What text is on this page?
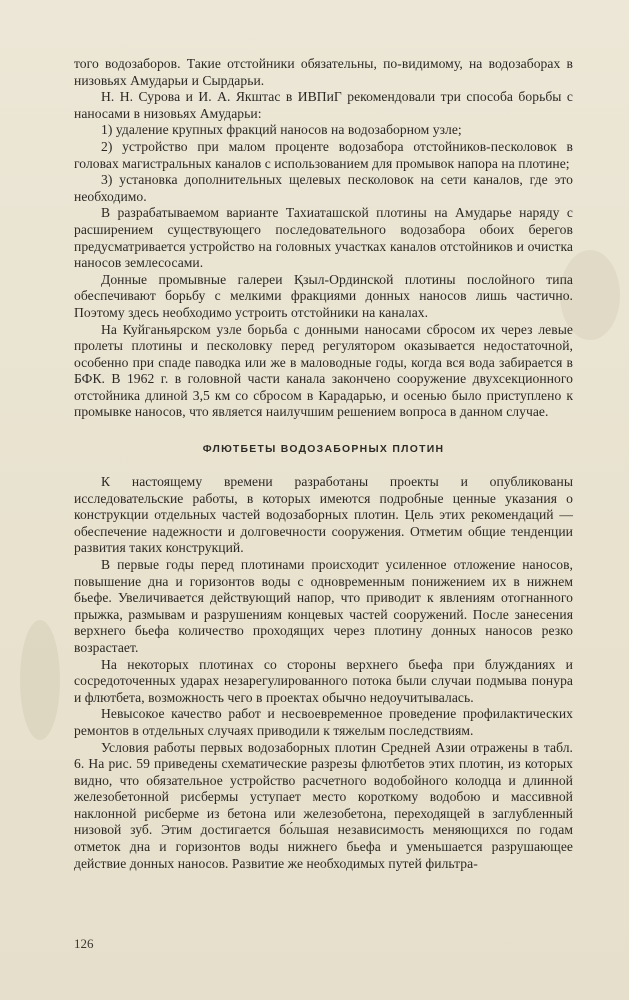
того водозаборов. Такие отстойники обязательны, по-видимому, на водозаборах в низовьях Амударьи и Сырдарьи.

Н. Н. Сурова и И. А. Якштас в ИВПиГ рекомендовали три способа борьбы с наносами в низовьях Амударьи:

1) удаление крупных фракций наносов на водозаборном узле;

2) устройство при малом проценте водозабора отстойников-песколовок в головах магистральных каналов с использованием для промывок напора на плотине;

3) установка дополнительных щелевых песколовок на сети каналов, где это необходимо.

В разрабатываемом варианте Тахиаташской плотины на Амударье наряду с расширением существующего последовательного водозабора обоих берегов предусматривается устройство на головных участках каналов отстойников и очистка наносов землесосами.

Донные промывные галереи Қзыл-Ординской плотины послойного типа обеспечивают борьбу с мелкими фракциями донных наносов лишь частично. Поэтому здесь необходимо устроить отстойники на каналах.

На Куйганьярском узле борьба с донными наносами сбросом их через левые пролеты плотины и песколовку перед регулятором оказывается недостаточной, особенно при спаде паводка или же в маловодные годы, когда вся вода забирается в БФК. В 1962 г. в головной части канала закончено сооружение двухсекционного отстойника длиной 3,5 км со сбросом в Карадарью, и осенью было приступлено к промывке наносов, что является наилучшим решением вопроса в данном случае.

ФЛЮТБЕТЫ ВОДОЗАБОРНЫХ ПЛОТИН

К настоящему времени разработаны проекты и опубликованы исследовательские работы, в которых имеются подробные ценные указания о конструкции отдельных частей водозаборных плотин. Цель этих рекомендаций — обеспечение надежности и долговечности сооружения. Отметим общие тенденции развития таких конструкций.

В первые годы перед плотинами происходит усиленное отложение наносов, повышение дна и горизонтов воды с одновременным понижением их в нижнем бьефе. Увеличивается действующий напор, что приводит к явлениям отогнанного прыжка, размывам и разрушениям концевых частей сооружений. После занесения верхнего бьефа количество проходящих через плотину донных наносов резко возрастает.

На некоторых плотинах со стороны верхнего бьефа при блужданиях и сосредоточенных ударах незарегулированного потока были случаи подмыва понура и флютбета, возможность чего в проектах обычно недоучитывалась.

Невысокое качество работ и несвоевременное проведение профилактических ремонтов в отдельных случаях приводили к тяжелым последствиям.

Условия работы первых водозаборных плотин Средней Азии отражены в табл. 6. На рис. 59 приведены схематические разрезы флютбетов этих плотин, из которых видно, что обязательное устройство расчетного водобойного колодца и длинной железобетонной рисбермы уступает место короткому водобою и массивной наклонной рисберме из бетона или железобетона, переходящей в заглубленный низовой зуб. Этим достигается бо́льшая независимость меняющихся по годам отметок дна и горизонтов воды нижнего бьефа и уменьшается разрушающее действие донных наносов. Развитие же необходимых путей фильтра-

126
